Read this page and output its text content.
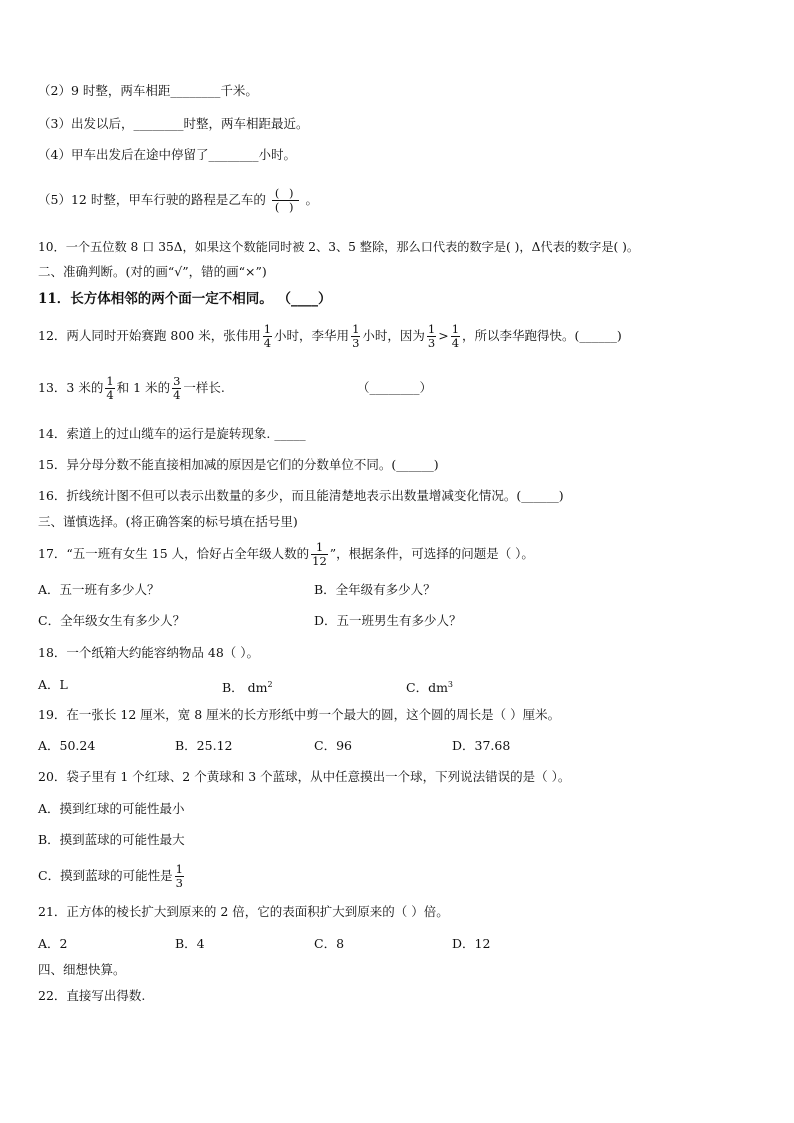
（2）9 时整，两车相距________千米。
（3）出发以后，________时整，两车相距最近。
（4）甲车出发后在途中停留了________小时。
（5）12 时整，甲车行驶的路程是乙车的 $\frac{( )}{( )}$ 。
10．一个五位数 8 口 35Δ，如果这个数能同时被 2、3、5 整除，那么口代表的数字是( )，Δ代表的数字是( )。
二、准确判断。(对的画“√”，错的画“×”)
11．长方体相邻的两个面一定不相同。 （____）
12．两人同时开始赛跑 800 米，张伟用 $\frac{1}{4}$ 小时，李华用 $\frac{1}{3}$ 小时，因为 $\frac{1}{3} > \frac{1}{4}$ ，所以李华跑得快。(______)
13．3 米的 $\frac{1}{4}$ 和 1 米的 $\frac{3}{4}$ 一样长.	（________）
14．索道上的过山缆车的运行是旋转现象. _____
15．异分母分数不能直接相加减的原因是它们的分数单位不同。(______)
16．折线统计图不但可以表示出数量的多少，而且能清楚地表示出数量增减变化情况。(______)
三、谨慎选择。(将正确答案的标号填在括号里)
17．“五一班有女生 15 人，恰好占全年级人数的 $\frac{1}{12}$ ”，根据条件，可选择的问题是（ ）。
A．五一班有多少人？	B．全年级有多少人？
C．全年级女生有多少人？	D．五一班男生有多少人？
18．一个纸箱大约能容纳物品 48（ ）。
A．L	B． $dm^2$	C．$dm^3$
19．在一张长 12 厘米，宽 8 厘米的长方形纸中剪一个最大的圆，这个圆的周长是（ ）厘米。
A．50.24	B．25.12	C．96	D．37.68
20．袋子里有 1 个红球、2 个黄球和 3 个蓝球，从中任意摸出一个球，下列说法错误的是（ ）。
A．摸到红球的可能性最小
B．摸到蓝球的可能性最大
C．摸到蓝球的可能性是 $\frac{1}{3}$
21．正方体的棱长扩大到原来的 2 倍，它的表面积扩大到原来的（ ）倍。
A．2	B．4	C．8	D．12
四、细想快算。
22．直接写出得数.
